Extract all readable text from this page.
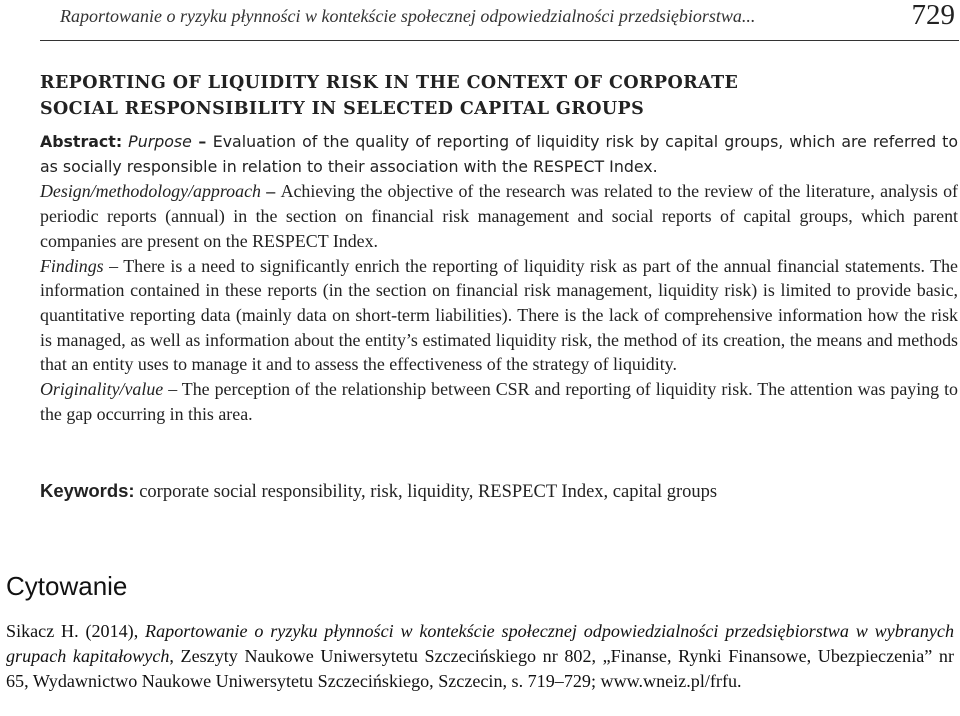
Raportowanie o ryzyku płynności w kontekście społecznej odpowiedzialności przedsiębiorstwa...	729
REPORTING OF LIQUIDITY RISK IN THE CONTEXT OF CORPORATE
SOCIAL RESPONSIBILITY IN SELECTED CAPITAL GROUPS

Abstract: Purpose – Evaluation of the quality of reporting of liquidity risk by capital groups, which are referred to as socially responsible in relation to their association with the RESPECT Index.

Design/methodology/approach – Achieving the objective of the research was related to the review of the literature, analysis of periodic reports (annual) in the section on financial risk management and social reports of capital groups, which parent companies are present on the RESPECT Index.

Findings – There is a need to significantly enrich the reporting of liquidity risk as part of the annual financial statements. The information contained in these reports (in the section on financial risk management, liquidity risk) is limited to provide basic, quantitative reporting data (mainly data on short-term liabilities). There is the lack of comprehensive information how the risk is managed, as well as information about the entity’s estimated liquidity risk, the method of its creation, the means and methods that an entity uses to manage it and to assess the effectiveness of the strategy of liquidity.

Originality/value – The perception of the relationship between CSR and reporting of liquidity risk. The attention was paying to the gap occurring in this area.

Keywords: corporate social responsibility, risk, liquidity, RESPECT Index, capital groups
Cytowanie

Sikacz H. (2014), Raportowanie o ryzyku płynności w kontekście społecznej odpowiedzialności przedsiębiorstwa w wybranych grupach kapitałowych, Zeszyty Naukowe Uniwersytetu Szczecińskiego nr 802, „Finanse, Rynki Finansowe, Ubezpieczenia” nr 65, Wydawnictwo Naukowe Uniwersytetu Szczecińskiego, Szczecin, s. 719–729; www.wneiz.pl/frfu.
